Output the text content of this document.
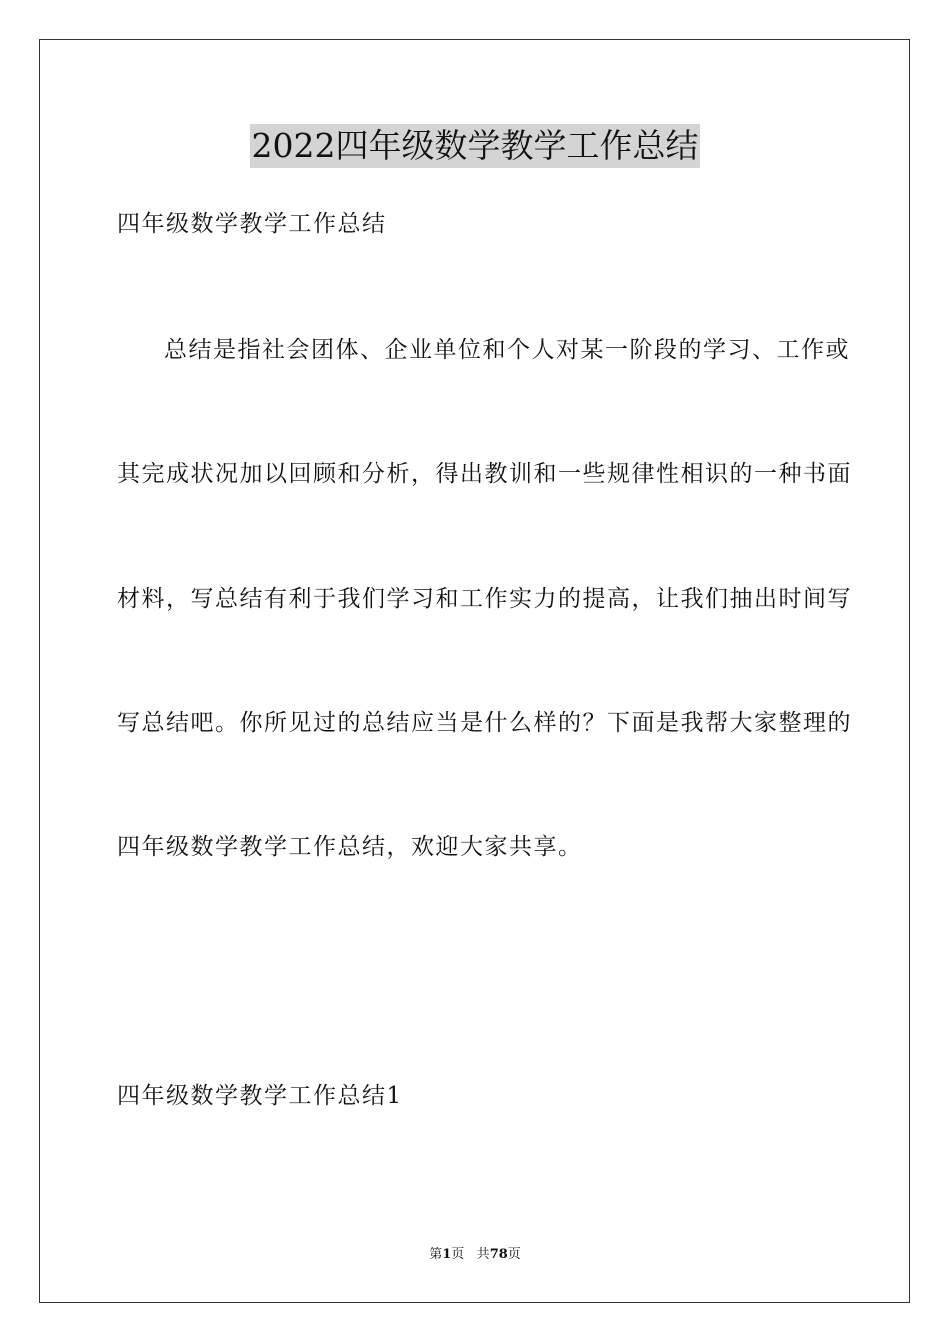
2022四年级数学教学工作总结
四年级数学教学工作总结
总结是指社会团体、企业单位和个人对某一阶段的学习、工作或
其完成状况加以回顾和分析，得出教训和一些规律性相识的一种书面
材料，写总结有利于我们学习和工作实力的提高，让我们抽出时间写
写总结吧。你所见过的总结应当是什么样的？下面是我帮大家整理的
四年级数学教学工作总结，欢迎大家共享。
四年级数学教学工作总结1
第1页 共78页
